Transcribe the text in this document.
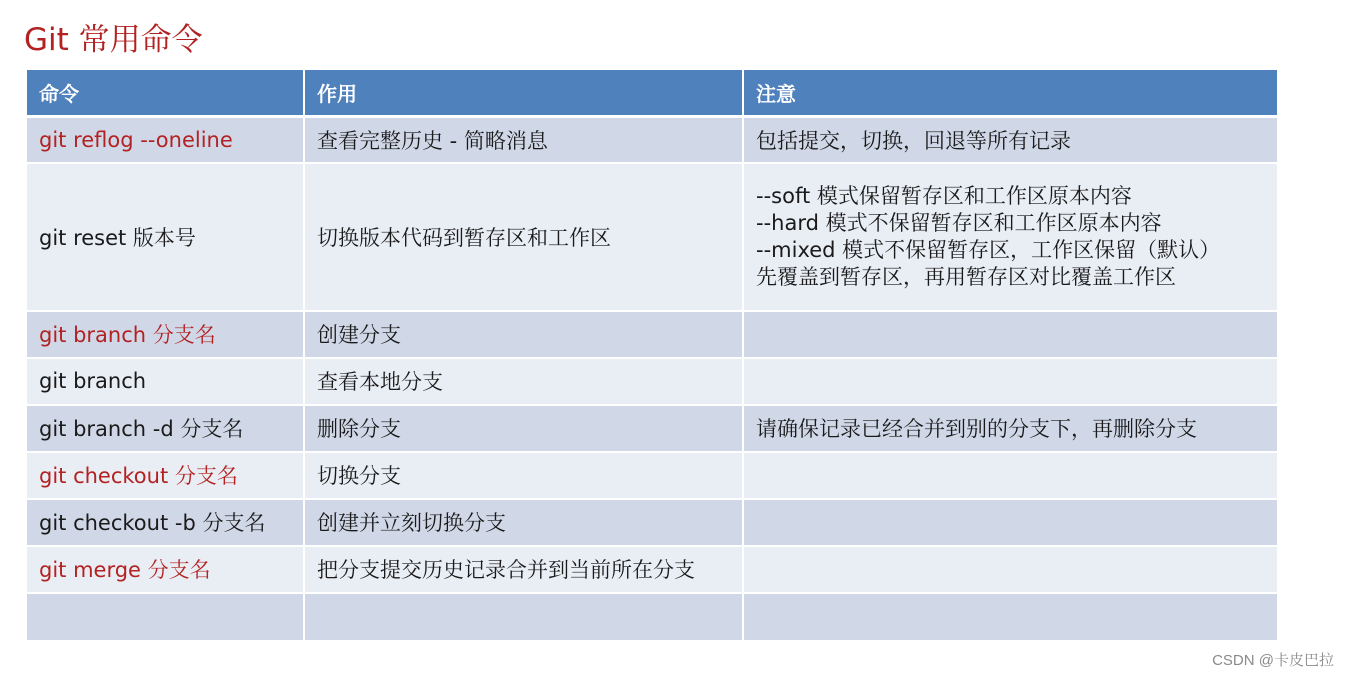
Git 常用命令
命令	作用	注意
git reflog --oneline	查看完整历史 - 简略消息	包括提交，切换，回退等所有记录
git reset 版本号	切换版本代码到暂存区和工作区	--soft 模式保留暂存区和工作区原本内容
--hard 模式不保留暂存区和工作区原本内容
--mixed 模式不保留暂存区，工作区保留（默认）
先覆盖到暂存区，再用暂存区对比覆盖工作区

git branch 分支名	创建分支	
git branch	查看本地分支	
git branch -d 分支名	删除分支	请确保记录已经合并到别的分支下，再删除分支
git checkout 分支名	切换分支	
git checkout -b 分支名	创建并立刻切换分支	
git merge 分支名	把分支提交历史记录合并到当前所在分支	

CSDN @卡皮巴拉
